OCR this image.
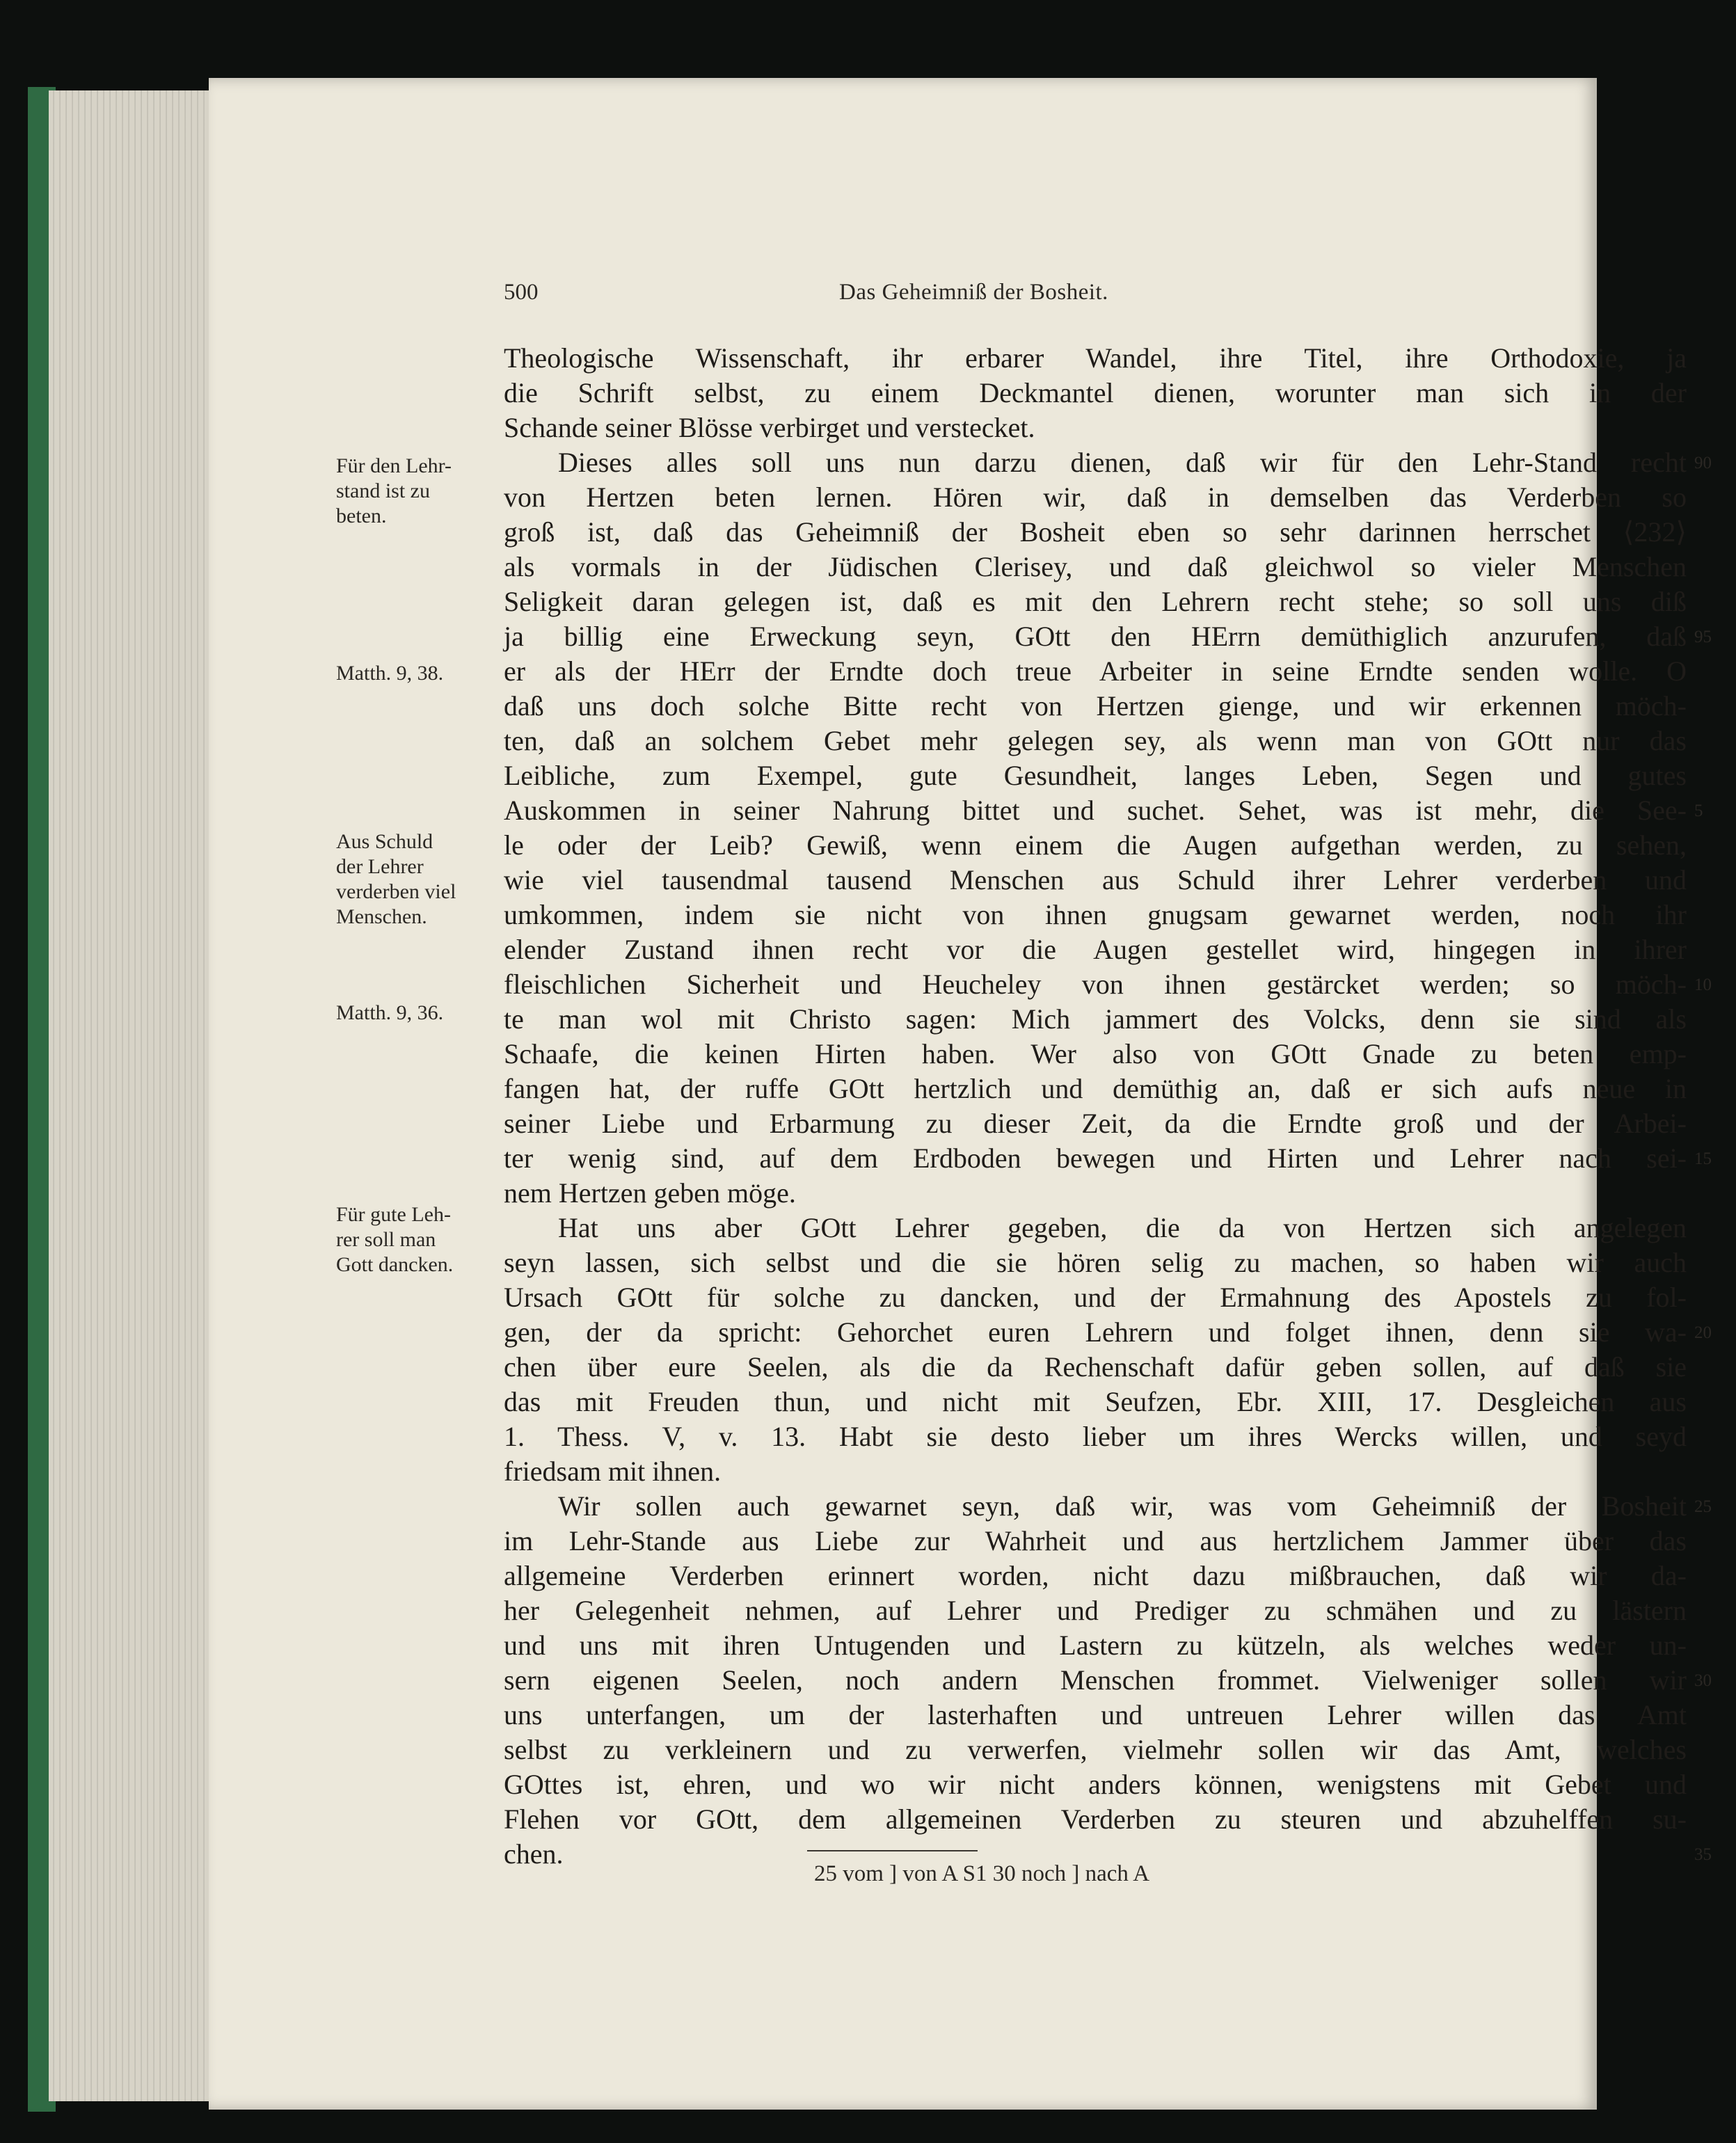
500	Das Geheimniß der Bosheit.
Theologische Wissenschaft, ihr erbarer Wandel, ihre Titel, ihre Orthodoxie, ja
die Schrift selbst, zu einem Deckmantel dienen, worunter man sich in der
Schande seiner Blösse verbirget und verstecket.
Dieses alles soll uns nun darzu dienen, daß wir für den Lehr-Stand recht
von Hertzen beten lernen. Hören wir, daß in demselben das Verderben so
groß ist, daß das Geheimniß der Bosheit eben so sehr darinnen herrschet ⟨232⟩
als vormals in der Jüdischen Clerisey, und daß gleichwol so vieler Menschen
Seligkeit daran gelegen ist, daß es mit den Lehrern recht stehe; so soll uns diß
ja billig eine Erweckung seyn, GOtt den HErrn demüthiglich anzurufen, daß
er als der HErr der Erndte doch treue Arbeiter in seine Erndte senden wolle. O
daß uns doch solche Bitte recht von Hertzen gienge, und wir erkennen möch-
ten, daß an solchem Gebet mehr gelegen sey, als wenn man von GOtt nur das
Leibliche, zum Exempel, gute Gesundheit, langes Leben, Segen und gutes
Auskommen in seiner Nahrung bittet und suchet. Sehet, was ist mehr, die See-
le oder der Leib? Gewiß, wenn einem die Augen aufgethan werden, zu sehen,
wie viel tausendmal tausend Menschen aus Schuld ihrer Lehrer verderben und
umkommen, indem sie nicht von ihnen gnugsam gewarnet werden, noch ihr
elender Zustand ihnen recht vor die Augen gestellet wird, hingegen in ihrer
fleischlichen Sicherheit und Heucheley von ihnen gestärcket werden; so möch-
te man wol mit Christo sagen: Mich jammert des Volcks, denn sie sind als
Schaafe, die keinen Hirten haben. Wer also von GOtt Gnade zu beten emp-
fangen hat, der ruffe GOtt hertzlich und demüthig an, daß er sich aufs neue in
seiner Liebe und Erbarmung zu dieser Zeit, da die Erndte groß und der Arbei-
ter wenig sind, auf dem Erdboden bewegen und Hirten und Lehrer nach sei-
nem Hertzen geben möge.
Hat uns aber GOtt Lehrer gegeben, die da von Hertzen sich angelegen
seyn lassen, sich selbst und die sie hören selig zu machen, so haben wir auch
Ursach GOtt für solche zu dancken, und der Ermahnung des Apostels zu fol-
gen, der da spricht: Gehorchet euren Lehrern und folget ihnen, denn sie wa-
chen über eure Seelen, als die da Rechenschaft dafür geben sollen, auf daß sie
das mit Freuden thun, und nicht mit Seufzen, Ebr. XIII, 17. Desgleichen aus
1. Thess. V, v. 13. Habt sie desto lieber um ihres Wercks willen, und seyd
friedsam mit ihnen.
Wir sollen auch gewarnet seyn, daß wir, was vom Geheimniß der Bosheit
im Lehr-Stande aus Liebe zur Wahrheit und aus hertzlichem Jammer über das
allgemeine Verderben erinnert worden, nicht dazu mißbrauchen, daß wir da-
her Gelegenheit nehmen, auf Lehrer und Prediger zu schmähen und zu lästern
und uns mit ihren Untugenden und Lastern zu kützeln, als welches weder un-
sern eigenen Seelen, noch andern Menschen frommet. Vielweniger sollen wir
uns unterfangen, um der lasterhaften und untreuen Lehrer willen das Amt
selbst zu verkleinern und zu verwerfen, vielmehr sollen wir das Amt, welches
GOttes ist, ehren, und wo wir nicht anders können, wenigstens mit Gebet und
Flehen vor GOtt, dem allgemeinen Verderben zu steuren und abzuhelffen su-
chen.
Für den Lehr-
stand ist zu
beten.
Matth. 9, 38.
Aus Schuld
der Lehrer
verderben viel
Menschen.
Matth. 9, 36.
Für gute Leh-
rer soll man
Gott dancken.
90
95
5
10
15
20
25
30
35
25 vom ] von A S1 30 noch ] nach A
